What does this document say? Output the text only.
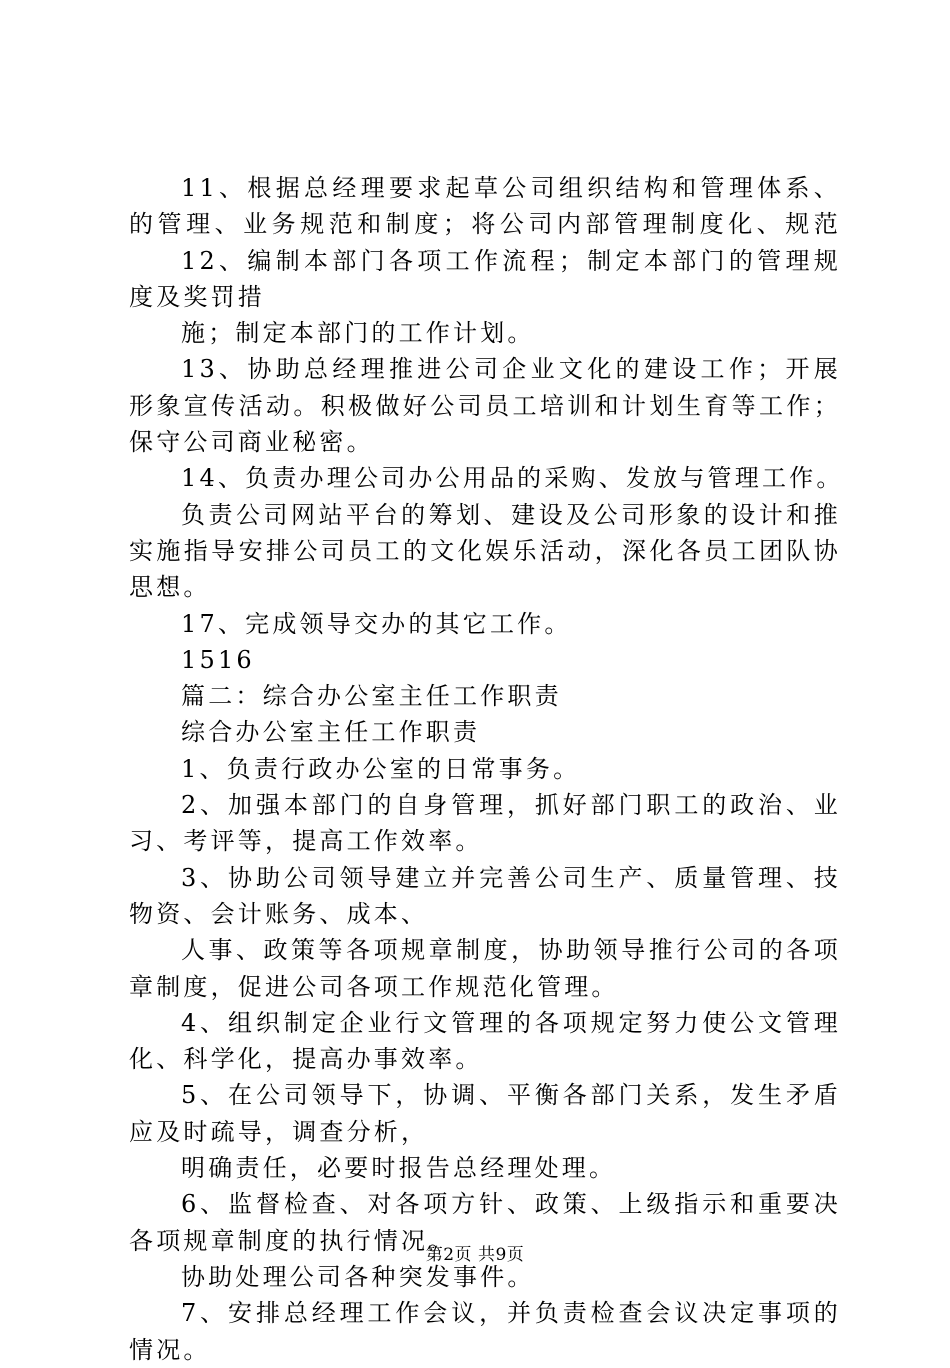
11、根据总经理要求起草公司组织结构和管理体系、
的管理、业务规范和制度；将公司内部管理制度化、规范
12、编制本部门各项工作流程；制定本部门的管理规
度及奖罚措
施；制定本部门的工作计划。
13、协助总经理推进公司企业文化的建设工作；开展
形象宣传活动。积极做好公司员工培训和计划生育等工作；
保守公司商业秘密。
14、负责办理公司办公用品的采购、发放与管理工作。
负责公司网站平台的筹划、建设及公司形象的设计和推
实施指导安排公司员工的文化娱乐活动，深化各员工团队协
思想。
17、完成领导交办的其它工作。
1516
篇二：综合办公室主任工作职责
综合办公室主任工作职责
1、负责行政办公室的日常事务。
2、加强本部门的自身管理，抓好部门职工的政治、业
习、考评等，提高工作效率。
3、协助公司领导建立并完善公司生产、质量管理、技
物资、会计账务、成本、
人事、政策等各项规章制度，协助领导推行公司的各项
章制度，促进公司各项工作规范化管理。
4、组织制定企业行文管理的各项规定努力使公文管理
化、科学化，提高办事效率。
5、在公司领导下，协调、平衡各部门关系，发生矛盾
应及时疏导，调查分析，
明确责任，必要时报告总经理处理。
6、监督检查、对各项方针、政策、上级指示和重要决
各项规章制度的执行情况。
协助处理公司各种突发事件。
7、安排总经理工作会议，并负责检查会议决定事项的
情况。
第2页 共9页
